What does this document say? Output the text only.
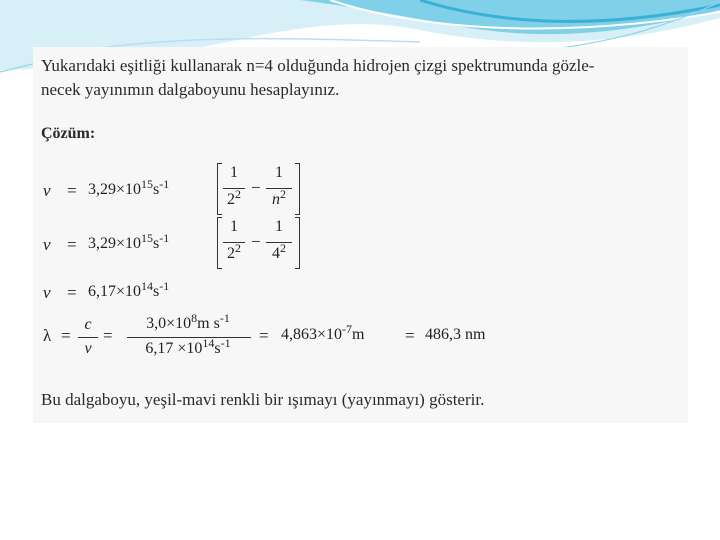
Yukarıdaki eşitliği kullanarak n=4 olduğunda hidrojen çizgi spektrumunda gözle-
necek yayınımın dalgaboyunu hesaplayınız.
Çözüm:
$\nu = 3,29\times 10^{15}s^{-1}$
1
$2^2$ −
1
$n^2$
$\nu = 3,29\times 10^{15}s^{-1}$
1
$2^2$ −
1
$4^2$
$\nu = 6,17\times 10^{14}s^{-1}$
λ =
c
ν
=
$3,0\times 10^8m$ $s^{-1}$
$6,17 \times 10^{14}s^{-1}$	= $4,863\times 10^{-7}m = 486,3$ nm
Bu dalgaboyu, yeşil-mavi renkli bir ışımayı (yayınmayı) gösterir.
